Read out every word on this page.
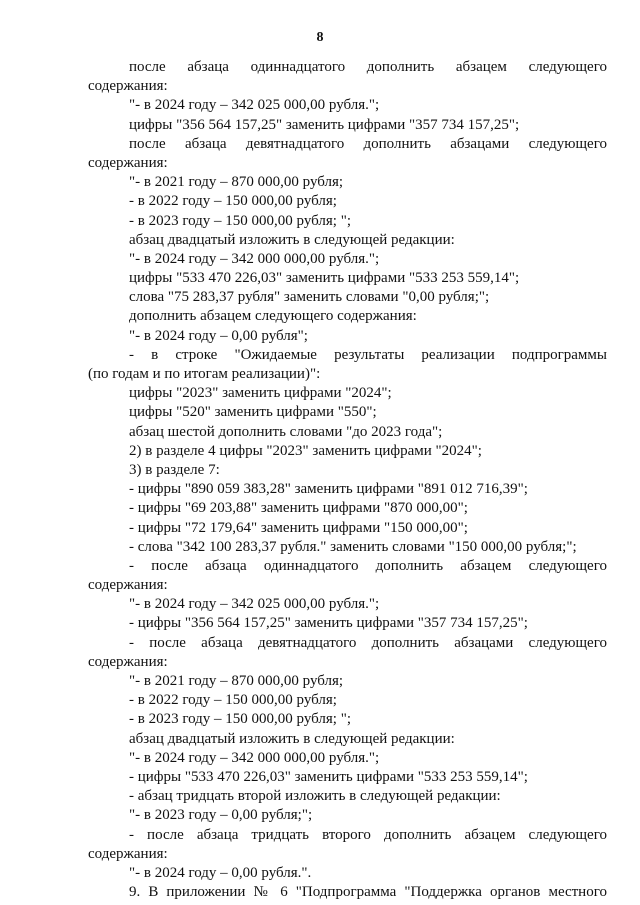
8
после абзаца одиннадцатого дополнить абзацем следующего
содержания:
"- в 2024 году – 342 025 000,00 рубля.";
цифры "356 564 157,25" заменить цифрами "357 734 157,25";
после абзаца девятнадцатого дополнить абзацами следующего
содержания:
"- в 2021 году – 870 000,00 рубля;
- в 2022 году – 150 000,00 рубля;
- в 2023 году – 150 000,00 рубля; ";
абзац двадцатый изложить в следующей редакции:
"- в 2024 году – 342 000 000,00 рубля.";
цифры "533 470 226,03" заменить цифрами "533 253 559,14";
слова "75 283,37 рубля" заменить словами "0,00 рубля;";
дополнить абзацем следующего содержания:
"- в 2024 году – 0,00 рубля";
- в строке "Ожидаемые результаты реализации подпрограммы
(по годам и по итогам реализации)":
цифры "2023" заменить цифрами "2024";
цифры "520" заменить цифрами "550";
абзац шестой дополнить словами "до 2023 года";
2) в разделе 4 цифры "2023" заменить цифрами "2024";
3) в разделе 7:
- цифры "890 059 383,28" заменить цифрами "891 012 716,39";
- цифры "69 203,88" заменить цифрами "870 000,00";
- цифры "72 179,64" заменить цифрами "150 000,00";
- слова "342 100 283,37 рубля." заменить словами "150 000,00 рубля;";
- после абзаца одиннадцатого дополнить абзацем следующего
содержания:
"- в 2024 году – 342 025 000,00 рубля.";
- цифры "356 564 157,25" заменить цифрами "357 734 157,25";
- после абзаца девятнадцатого дополнить абзацами следующего
содержания:
"- в 2021 году – 870 000,00 рубля;
- в 2022 году – 150 000,00 рубля;
- в 2023 году – 150 000,00 рубля; ";
абзац двадцатый изложить в следующей редакции:
"- в 2024 году – 342 000 000,00 рубля.";
- цифры "533 470 226,03" заменить цифрами "533 253 559,14";
- абзац тридцать второй изложить в следующей редакции:
"- в 2023 году – 0,00 рубля;";
- после абзаца тридцать второго дополнить абзацем следующего
содержания:
"- в 2024 году – 0,00 рубля.".
9. В приложении № 6 "Подпрограмма "Поддержка органов местного
